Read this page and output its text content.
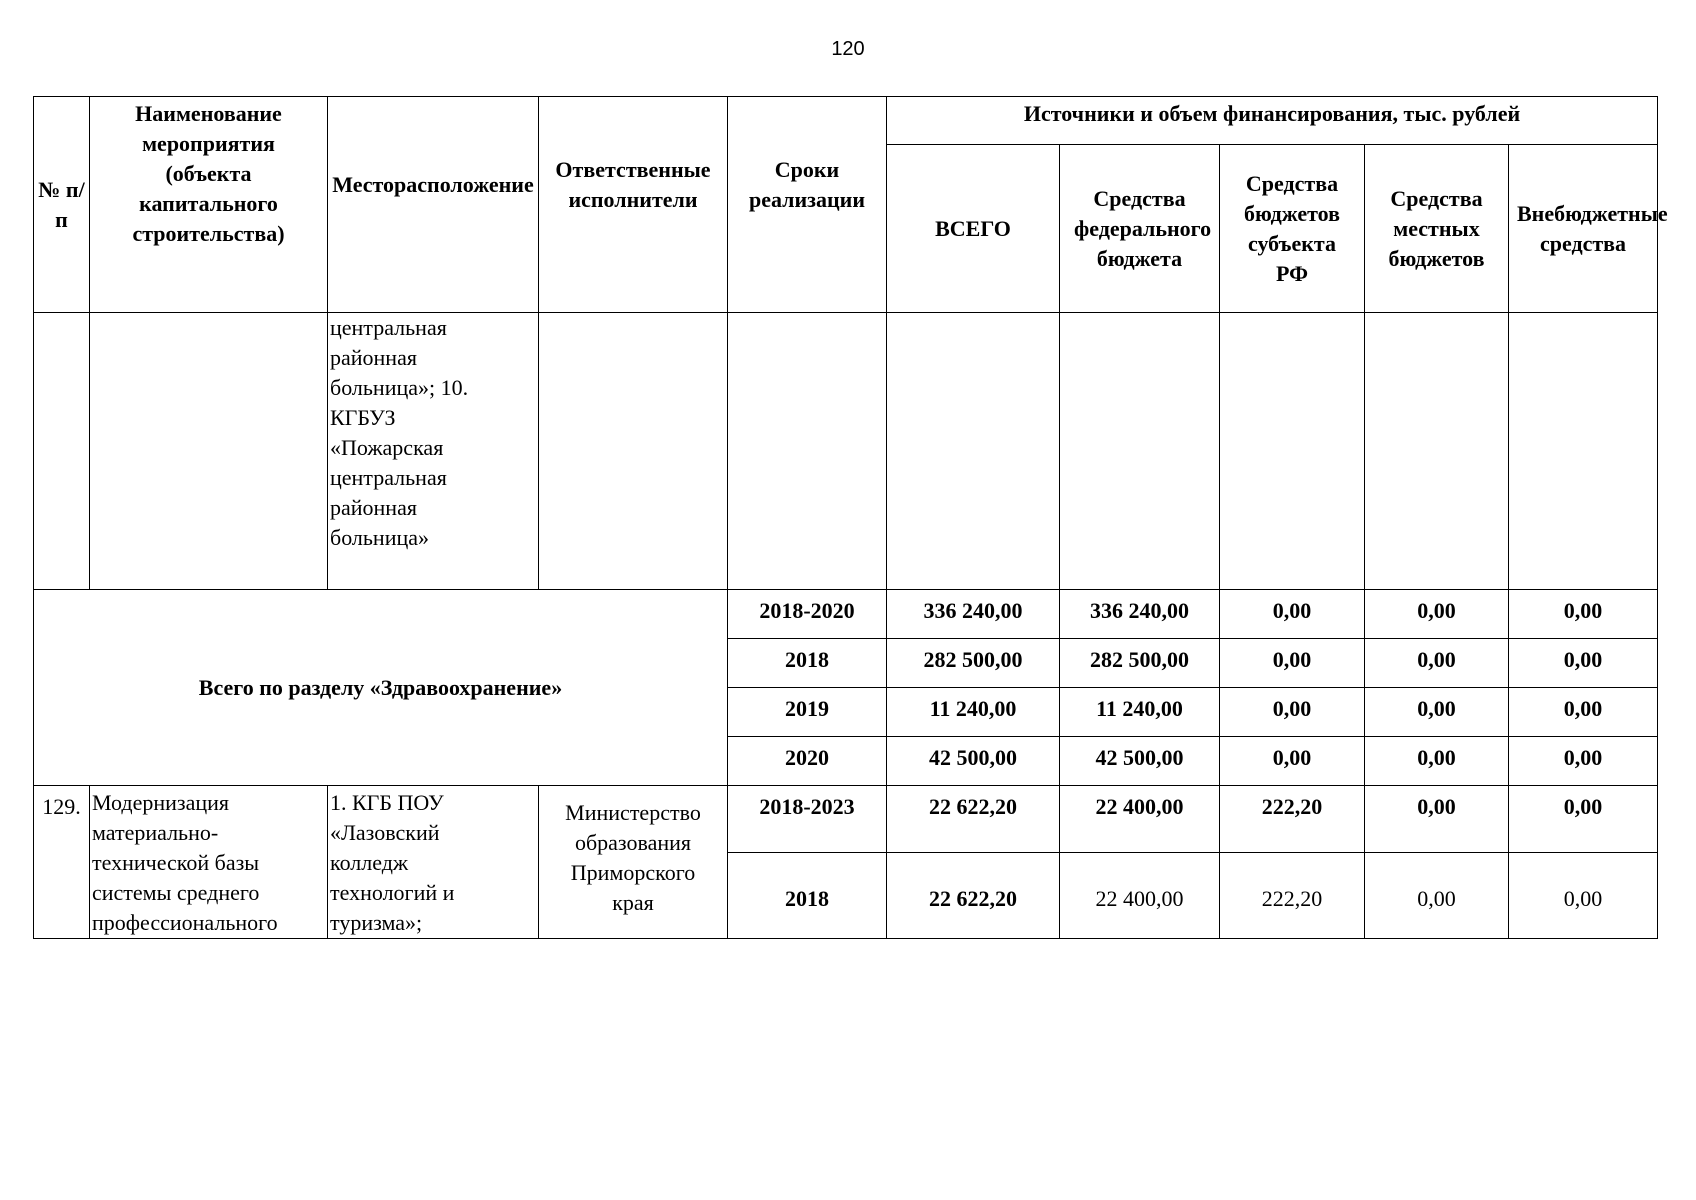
120
№ п/п	Наименование мероприятия (объекта капитального строительства)	Месторасположение	Ответственные исполнители	Сроки реализации	Источники и объем финансирования, тыс. рублей				
					ВСЕГО	Средства федерального бюджета	Средства бюджетов субъекта РФ	Средства местных бюджетов	Внебюджетные средства
		центральная районная больница»; 10. КГБУЗ «Пожарская центральная районная больница»							
Всего по разделу «Здравоохранение»				2018-2020	336 240,00	336 240,00	0,00	0,00	0,00
				2018	282 500,00	282 500,00	0,00	0,00	0,00
				2019	11 240,00	11 240,00	0,00	0,00	0,00
				2020	42 500,00	42 500,00	0,00	0,00	0,00
129.	Модернизация материально-технической базы системы среднего профессионального	1. КГБ ПОУ «Лазовский колледж технологий и туризма»;	Министерство образования Приморского края	2018-2023	22 622,20	22 400,00	222,20	0,00	0,00
				2018	22 622,20	22 400,00	222,20	0,00	0,00
